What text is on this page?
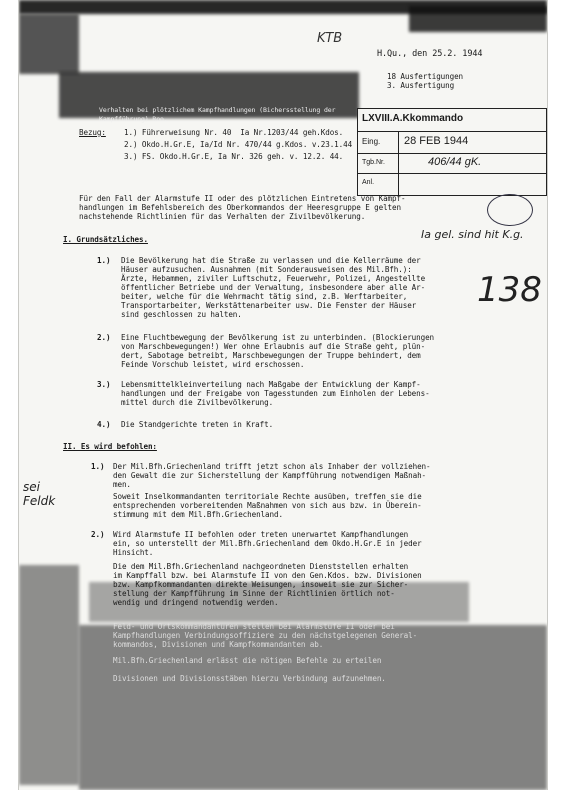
KTB
H.Qu., den 25.2. 1944
18 Ausfertigungen
3. Ausfertigung
Verhalten bei plötzlichem Kampfhandlungen (Bichersstellung der Kampfführung) Roo.
Bezug: 1.) Führerweisung Nr. 40  Ia Nr.1203/44 geh.Kdos.
2.) Okdo.H.Gr.E, Ia/Id Nr. 470/44 g.Kdos. v.23.1.44
3.) FS. Okdo.H.Gr.E, Ia Nr. 326 geh. v. 12.2. 44.
LXVIII.A.Kkommando
Eing. 28 FEB 1944
Tgb.Nr.	406/44 gK.
Anl.
138
Für den Fall der Alarmstufe II oder des plötzlichen Eintretens von Kampf-
handlungen im Befehlsbereich des Oberkommandos der Heeresgruppe E gelten
nachstehende Richtlinien für das Verhalten der Zivilbevölkerung.
I. Grundsätzliches.	Ia gel. sind hit K.g.
1.) Die Bevölkerung hat die Straße zu verlassen und die Kellerräume der
Häuser aufzusuchen. Ausnahmen (mit Sonderausweisen des Mil.Bfh.):
Ärzte, Hebammen, ziviler Luftschutz, Feuerwehr, Polizei, Angestellte
öffentlicher Betriebe und der Verwaltung, insbesondere aber alle Ar-
beiter, welche für die Wehrmacht tätig sind, z.B. Werftarbeiter,
Transportarbeiter, Werkstättenarbeiter usw. Die Fenster der Häuser
sind geschlossen zu halten.
2.) Eine Fluchtbewegung der Bevölkerung ist zu unterbinden. (Blockierungen
von Marschbewegungen!) Wer ohne Erlaubnis auf die Straße geht, plün-
dert, Sabotage betreibt, Marschbewegungen der Truppe behindert, dem
Feinde Vorschub leistet, wird erschossen.
3.) Lebensmittelkleinverteilung nach Maßgabe der Entwicklung der Kampf-
handlungen und der Freigabe von Tagesstunden zum Einholen der Lebens-
mittel durch die Zivilbevölkerung.
4.) Die Standgerichte treten in Kraft.
II. Es wird befohlen:
sei Feldk
1.) Der Mil.Bfh.Griechenland trifft jetzt schon als Inhaber der vollziehen-
den Gewalt die zur Sicherstellung der Kampfführung notwendigen Maßnah-
men.
Soweit Inselkommandanten territoriale Rechte ausüben, treffen sie die
entsprechenden vorbereitenden Maßnahmen von sich aus bzw. in Überein-
stimmung mit dem Mil.Bfh.Griechenland.
2.) Wird Alarmstufe II befohlen oder treten unerwartet Kampfhandlungen
ein, so unterstellt der Mil.Bfh.Griechenland dem Okdo.H.Gr.E in jeder
Hinsicht.
Die dem Mil.Bfh.Griechenland nachgeordneten Dienststellen erhalten
im Kampffall bzw. bei Alarmstufe II von den Gen.Kdos. bzw. Divisionen
bzw. Kampfkommandanten direkte Weisungen, insoweit sie zur Sicher-
stellung der Kampfführung im Sinne der Richtlinien örtlich not-
wendig und dringend notwendig werden.
Feld- und Ortskommandanturen stellen bei Alarmstufe II oder bei
Kampfhandlungen Verbindungsoffiziere zu den nächstgelegenen General-
kommandos, Divisionen und Kampfkommandanten ab.
Mil.Bfh.Griechenland erlässt die nötigen Befehle zu erteilen
Divisionen und Divisionsstäben hierzu Verbindung aufzunehmen.
